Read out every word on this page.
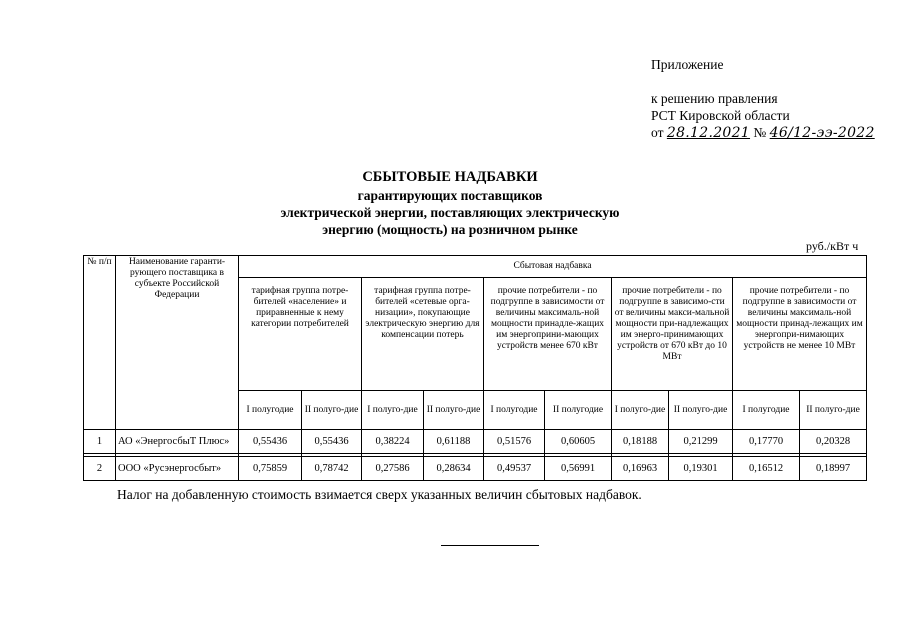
Приложение
к решению правления
РСТ Кировской области
от 28.12.2021 № 46/12-ээ-2022
СБЫТОВЫЕ НАДБАВКИ
гарантирующих поставщиков
электрической энергии, поставляющих электрическую
энергию (мощность) на розничном рынке
руб./кВт ч
№ п/п	Наименование гаранти-рующего поставщика в субъекте Российской Федерации	Сбытовая надбавка									
		тарифная группа потре-бителей «население» и приравненные к нему категории потребителей		тарифная группа потре-бителей «сетевые орга-низации», покупающие электрическую энергию для компенсации потерь		прочие потребители - по подгруппе в зависимости от величины максималь-ной мощности принадле-жащих им энергоприни-мающих устройств менее 670 кВт		прочие потребители - по подгруппе в зависимо-сти от величины макси-мальной мощности при-надлежащих им энерго-принимающих устройств от 670 кВт до 10 МВт		прочие потребители - по подгруппе в зависимости от величины максималь-ной мощности принад-лежащих им энергопри-нимающих устройств не менее 10 МВт	
		I полугодие	II полуго-дие	I полуго-дие	II полуго-дие	I полугодие	II полугодие	I полуго-дие	II полуго-дие	I полугодие	II полуго-дие
1	АО «ЭнергосбыТ Плюс»	0,55436	0,55436	0,38224	0,61188	0,51576	0,60605	0,18188	0,21299	0,17770	0,20328

2	ООО «Русэнергосбыт»	0,75859	0,78742	0,27586	0,28634	0,49537	0,56991	0,16963	0,19301	0,16512	0,18997
Налог на добавленную стоимость взимается сверх указанных величин сбытовых надбавок.
